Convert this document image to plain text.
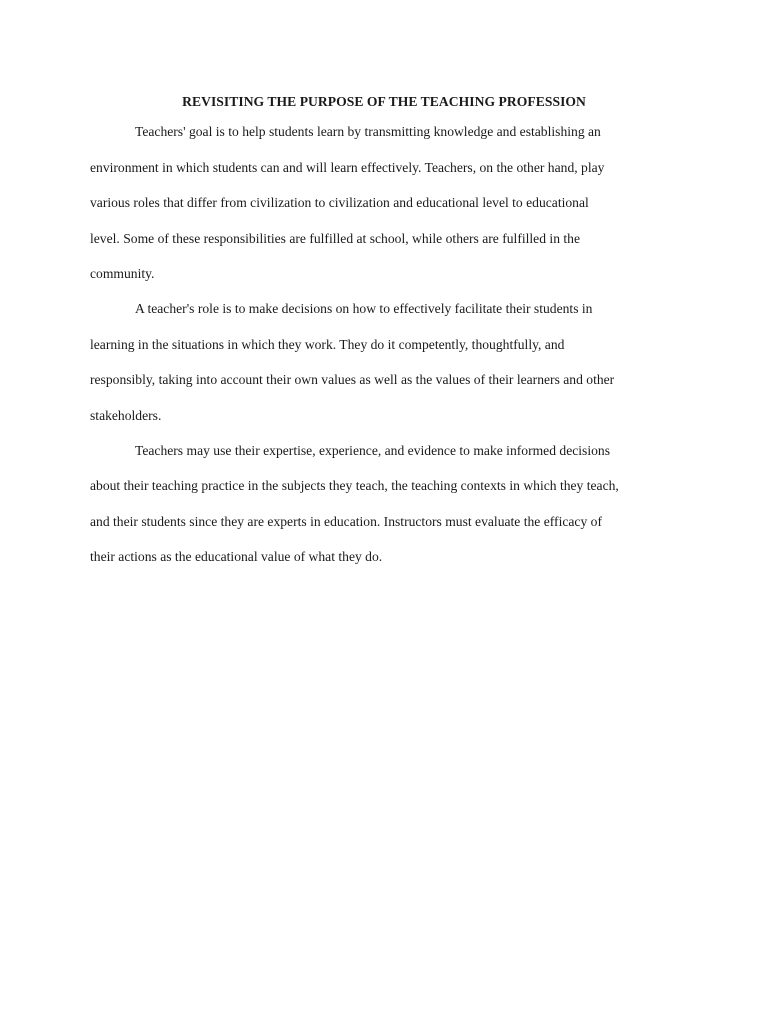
REVISITING THE PURPOSE OF THE TEACHING PROFESSION

Teachers' goal is to help students learn by transmitting knowledge and establishing an
environment in which students can and will learn effectively. Teachers, on the other hand, play
various roles that differ from civilization to civilization and educational level to educational
level. Some of these responsibilities are fulfilled at school, while others are fulfilled in the
community.

A teacher's role is to make decisions on how to effectively facilitate their students in
learning in the situations in which they work. They do it competently, thoughtfully, and
responsibly, taking into account their own values as well as the values of their learners and other
stakeholders.

Teachers may use their expertise, experience, and evidence to make informed decisions
about their teaching practice in the subjects they teach, the teaching contexts in which they teach,
and their students since they are experts in education. Instructors must evaluate the efficacy of
their actions as the educational value of what they do.
